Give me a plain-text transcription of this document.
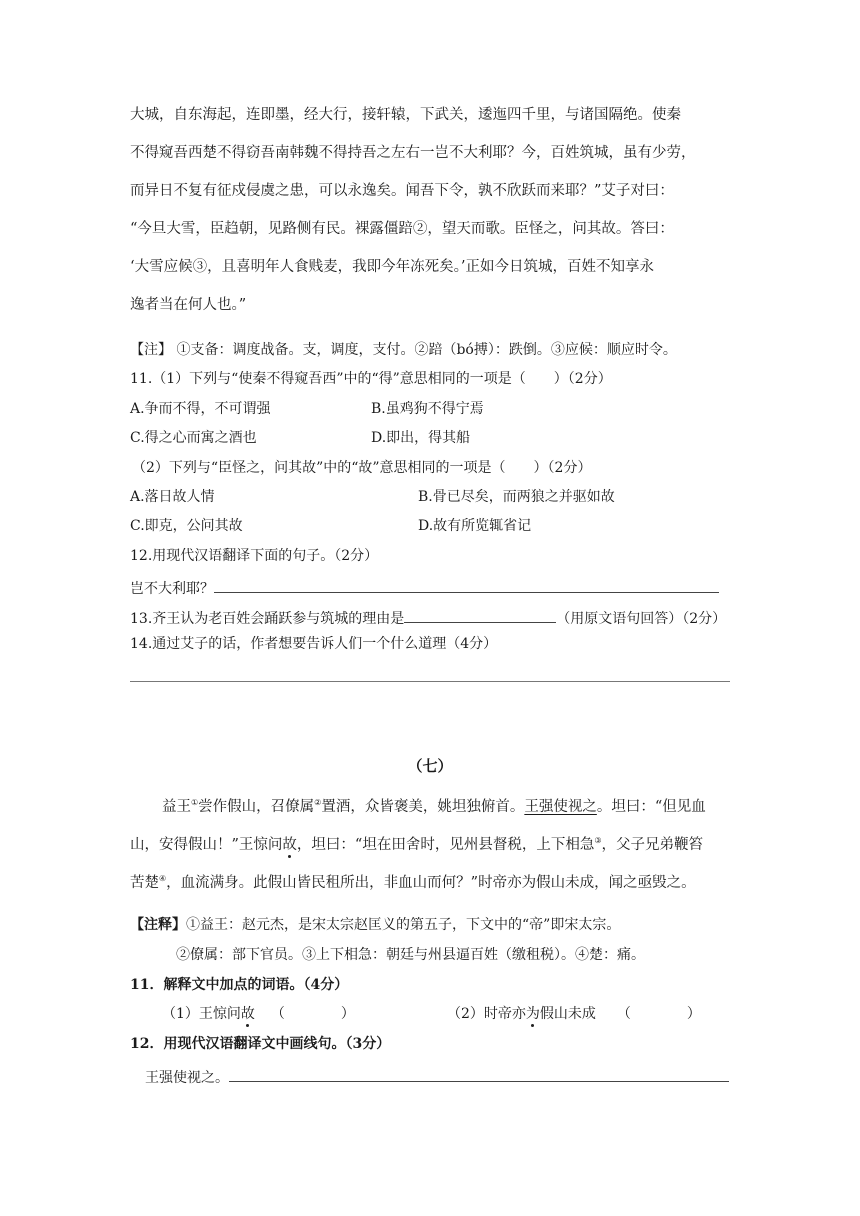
大城，自东海起，连即墨，经大行，接轩辕，下武关，逶迤四千里，与诸国隔绝。使秦
不得窥吾西楚不得窃吾南韩魏不得持吾之左右一岂不大利耶？今，百姓筑城，虽有少劳，
而异日不复有征戍侵虞之患，可以永逸矣。闻吾下令，孰不欣跃而来耶？”艾子对曰：
“今旦大雪，臣趋朝，见路侧有民。裸露僵踣②，望天而歌。臣怪之，问其故。答曰：
‘大雪应候③，且喜明年人食贱麦，我即今年冻死矣。’正如今日筑城，百姓不知享永
逸者当在何人也。”
【注】 ①支备：调度战备。支，调度，支付。②踣（bó搏）：跌倒。③应候：顺应时令。
11.（1）下列与“使秦不得窥吾西”中的“得”意思相同的一项是（　　）（2分）
A.争而不得，不可谓强	B.虽鸡狗不得宁焉
C.得之心而寓之酒也	D.即出，得其船
（2）下列与“臣怪之，问其故”中的“故”意思相同的一项是（　　）（2分）
A.落日故人情	B.骨已尽矣，而两狼之并驱如故
C.即克，公问其故	D.故有所览辄省记
12.用现代汉语翻译下面的句子。（2分）
岂不大利耶？
13.齐王认为老百姓会踊跃参与筑城的理由是	（用原文语句回答）（2分）
14.通过艾子的话，作者想要告诉人们一个什么道理（4分）
（七）
益王①尝作假山，召僚属②置酒，众皆褒美，姚坦独俯首。王强使视之。坦曰：“但见血
山，安得假山！”王惊问故，坦曰：“坦在田舍时，见州县督税，上下相急③，父子兄弟鞭笞
苦楚④，血流满身。此假山皆民租所出，非血山而何？”时帝亦为假山未成，闻之亟毁之。
【注释】①益王：赵元杰，是宋太宗赵匡义的第五子，下文中的“帝”即宋太宗。
②僚属：部下官员。③上下相急：朝廷与州县逼百姓（缴租税）。④楚：痛。
11．解释文中加点的词语。（4分）
（1）王惊问故 （　　　　）	（2）时帝亦为假山未成　　（　　　　）
12．用现代汉语翻译文中画线句。（3分）
王强使视之。
